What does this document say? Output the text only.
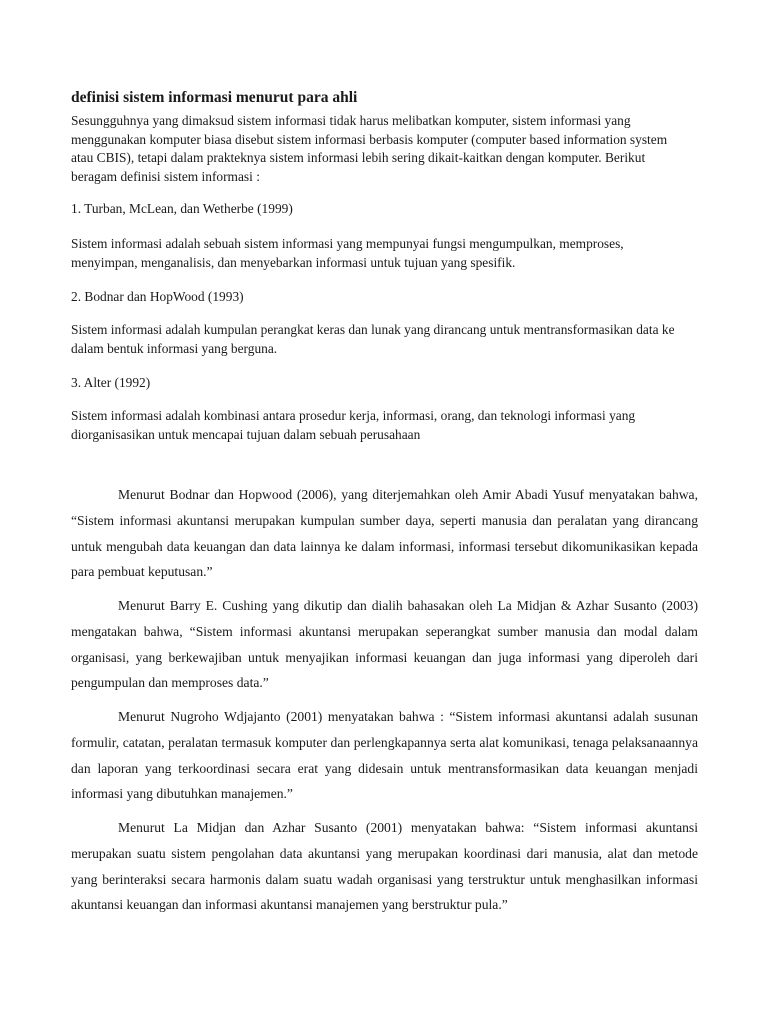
definisi sistem informasi menurut para ahli

Sesungguhnya yang dimaksud sistem informasi tidak harus melibatkan komputer, sistem informasi yang menggunakan komputer biasa disebut sistem informasi berbasis komputer (computer based information system atau CBIS), tetapi dalam prakteknya sistem informasi lebih sering dikait-kaitkan dengan komputer. Berikut beragam definisi sistem informasi :

1. Turban, McLean, dan Wetherbe (1999)

Sistem informasi adalah sebuah sistem informasi yang mempunyai fungsi mengumpulkan, memproses, menyimpan, menganalisis, dan menyebarkan informasi untuk tujuan yang spesifik.

2. Bodnar dan HopWood (1993)

Sistem informasi adalah kumpulan perangkat keras dan lunak yang dirancang untuk mentransformasikan data ke dalam bentuk informasi yang berguna.

3. Alter (1992)

Sistem informasi adalah kombinasi antara prosedur kerja, informasi, orang, dan teknologi informasi yang diorganisasikan untuk mencapai tujuan dalam sebuah perusahaan

Menurut Bodnar dan Hopwood (2006), yang diterjemahkan oleh Amir Abadi Yusuf menyatakan bahwa, “Sistem informasi akuntansi merupakan kumpulan sumber daya, seperti manusia dan peralatan yang dirancang untuk mengubah data keuangan dan data lainnya ke dalam informasi, informasi tersebut dikomunikasikan kepada para pembuat keputusan.”

Menurut Barry E. Cushing yang dikutip dan dialih bahasakan oleh La Midjan & Azhar Susanto (2003) mengatakan bahwa, “Sistem informasi akuntansi merupakan seperangkat sumber manusia dan modal dalam organisasi, yang berkewajiban untuk menyajikan informasi keuangan dan juga informasi yang diperoleh dari pengumpulan dan memproses data.”

Menurut Nugroho Wdjajanto (2001) menyatakan bahwa : “Sistem informasi akuntansi adalah susunan formulir, catatan, peralatan termasuk komputer dan perlengkapannya serta alat komunikasi, tenaga pelaksanaannya dan laporan yang terkoordinasi secara erat yang didesain untuk mentransformasikan data keuangan menjadi informasi yang dibutuhkan manajemen.”

Menurut La Midjan dan Azhar Susanto (2001) menyatakan bahwa: “Sistem informasi akuntansi merupakan suatu sistem pengolahan data akuntansi yang merupakan koordinasi dari manusia, alat dan metode yang berinteraksi secara harmonis dalam suatu wadah organisasi yang terstruktur untuk menghasilkan informasi akuntansi keuangan dan informasi akuntansi manajemen yang berstruktur pula.”
